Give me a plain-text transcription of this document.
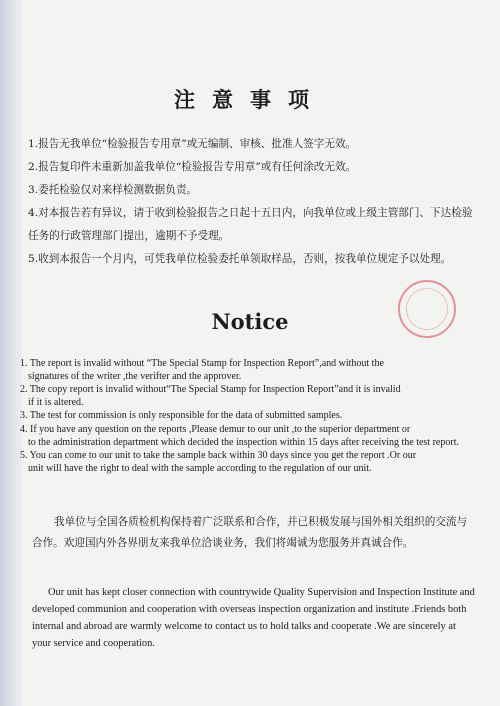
注意事项
1.报告无我单位“检验报告专用章”或无编制、审核、批准人签字无效。
2.报告复印件未重新加盖我单位“检验报告专用章”或有任何涂改无效。
3.委托检验仅对来样检测数据负责。
4.对本报告若有异议，请于收到检验报告之日起十五日内，向我单位或上级主管部门、下达检验任务的行政管理部门提出，逾期不予受理。
5.收到本报告一个月内，可凭我单位检验委托单领取样品，否则，按我单位规定予以处理。
Notice
1. The report is invalid without “The Special Stamp for Inspection Report”,and without the
signatures of the writer ,the verifter and the approver.
2. The copy report is invalid without“The Special Stamp for Inspection Report”and it is invalid
if it is altered.
3. The test for commission is only responsible for the data of submitted samples.
4. If you have any question on the reports ,Please demur to our unit ,to the superior department or
to the administration department which decided the inspection within 15 days after receiving the test report.
5. You can come to our unit to take the sample back within 30 days since you get the report .Or our
unit will have the right to deal with the sample according to the regulation of our unit.

我单位与全国各质检机构保持着广泛联系和合作，并已积极发展与国外相关组织的交流与合作。欢迎国内外各界朋友来我单位洽谈业务，我们将竭诚为您服务并真诚合作。

Our unit has kept closer connection with countrywide Quality Supervision and Inspection Institute and developed communion and cooperation with overseas inspection organization and institute .Friends both internal and abroad are warmly welcome to contact us to hold talks and cooperate .We are sincerely at your service and cooperation.
